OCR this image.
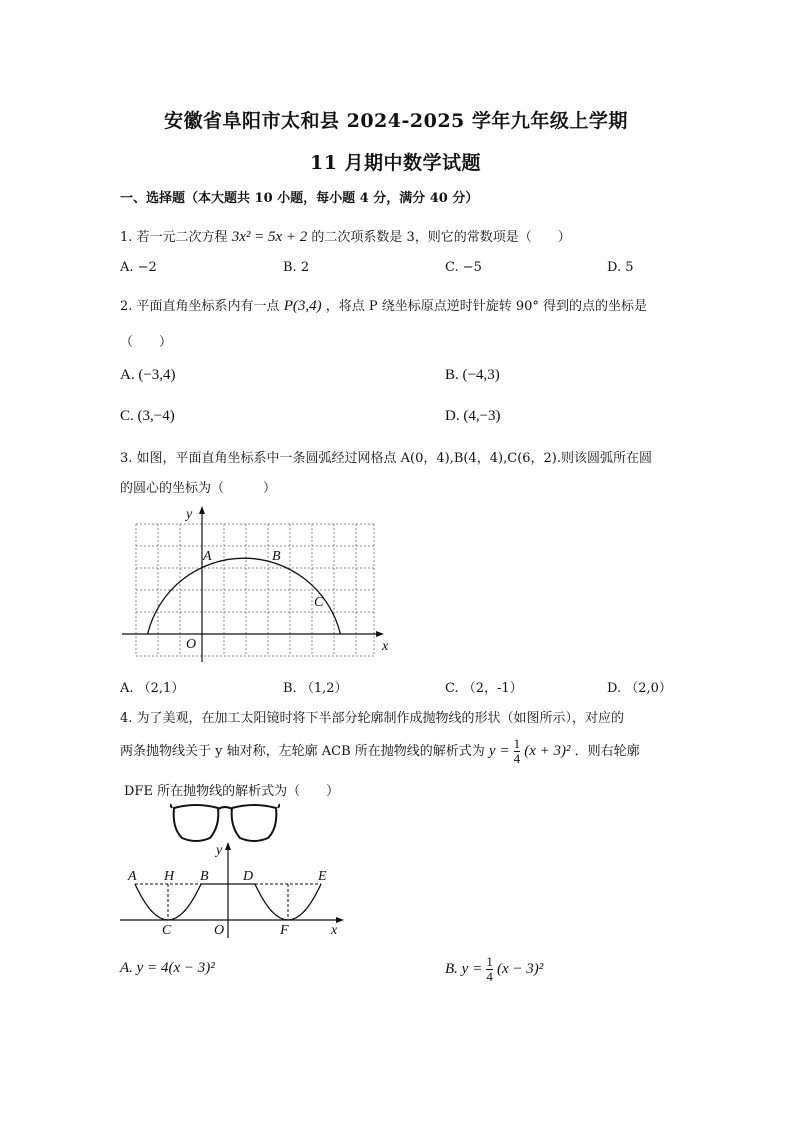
安徽省阜阳市太和县 2024-2025 学年九年级上学期
11 月期中数学试题
一、选择题（本大题共 10 小题，每小题 4 分，满分 40 分）
1. 若一元二次方程 3x² = 5x + 2 的二次项系数是 3，则它的常数项是（　　）
A. −2	B. 2	C. −5	D. 5
2. 平面直角坐标系内有一点 P(3,4) ，将点 P 绕坐标原点逆时针旋转 90° 得到的点的坐标是
（　　）
A. (−3,4)	B. (−4,3)
C. (3,−4)	D. (4,−3)
3. 如图，平面直角坐标系中一条圆弧经过网格点 A(0，4),B(4，4),C(6，2).则该圆弧所在圆
的圆心的坐标为（　　　）
y
x
O
A	B
C
A. （2,1）	B. （1,2）	C. （2，-1）	D. （2,0）
4. 为了美观，在加工太阳镜时将下半部分轮廓制作成抛物线的形状（如图所示），对应的
两条抛物线关于 y 轴对称，左轮廓 ACB 所在抛物线的解析式为 $y = \frac{1}{4} (x + 3)^2$ ．则右轮廓
DFE 所在抛物线的解析式为（　　）
A H B D	E
C	O	F	x
y
A. y = 4(x − 3)²	B. $y = \frac{1}{4} (x - 3)^2$
